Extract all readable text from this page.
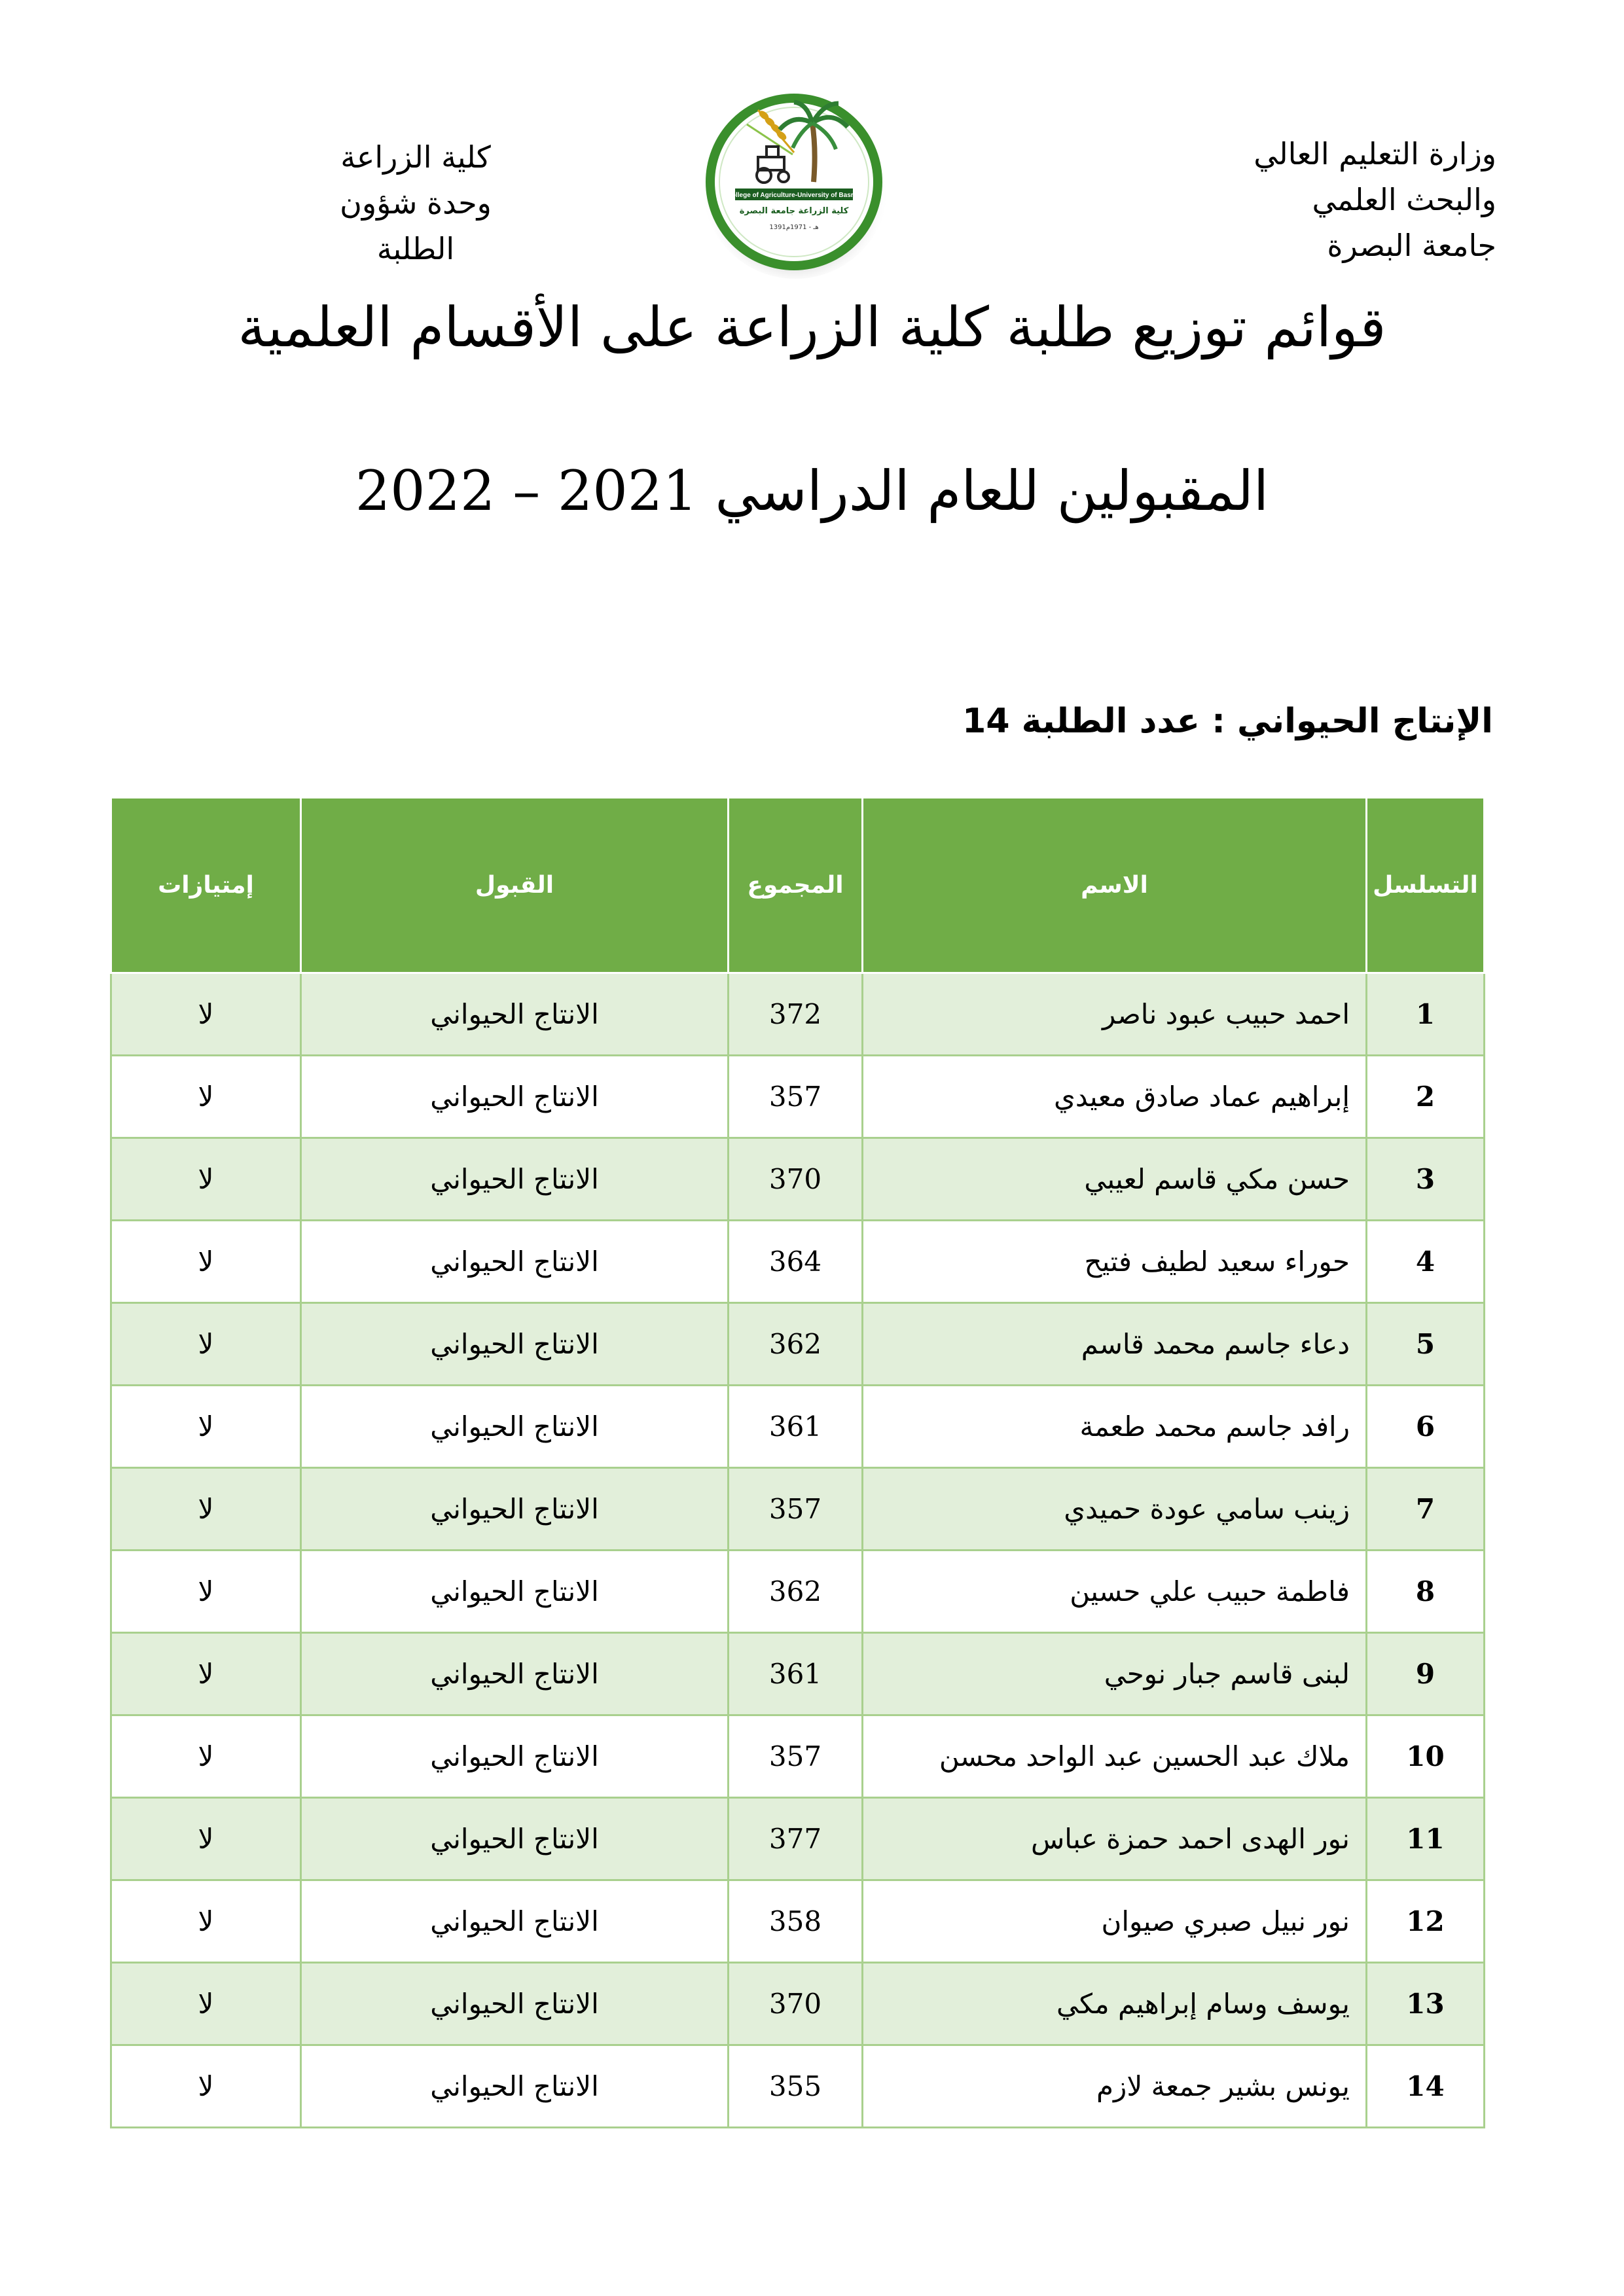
وزارة التعليم العالي
والبحث العلمي
جامعة البصرة
كلية الزراعة
وحدة شؤون الطلبة
College of Agriculture-University of Basrah
كلية الزراعة جامعة البصرة
1391هـ - 1971م
قوائم توزيع طلبة كلية الزراعة على الأقسام العلمية
المقبولين للعام الدراسي 2021 – 2022
الإنتاج الحيواني : عدد الطلبة 14
التسلسل	الاسم	المجموع	القبول	إمتيازات
1	احمد حبيب عبود ناصر	372	الانتاج الحيواني	لا
2	إبراهيم عماد صادق معيدي	357	الانتاج الحيواني	لا
3	حسن مكي قاسم لعيبي	370	الانتاج الحيواني	لا
4	حوراء سعيد لطيف فتيح	364	الانتاج الحيواني	لا
5	دعاء جاسم محمد قاسم	362	الانتاج الحيواني	لا
6	رافد جاسم محمد طعمة	361	الانتاج الحيواني	لا
7	زينب سامي عودة حميدي	357	الانتاج الحيواني	لا
8	فاطمة حبيب علي حسين	362	الانتاج الحيواني	لا
9	لبنى قاسم جبار نوحي	361	الانتاج الحيواني	لا
10	ملاك عبد الحسين عبد الواحد محسن	357	الانتاج الحيواني	لا
11	نور الهدى احمد حمزة عباس	377	الانتاج الحيواني	لا
12	نور نبيل صبري صيوان	358	الانتاج الحيواني	لا
13	يوسف وسام إبراهيم مكي	370	الانتاج الحيواني	لا
14	يونس بشير جمعة لازم	355	الانتاج الحيواني	لا
